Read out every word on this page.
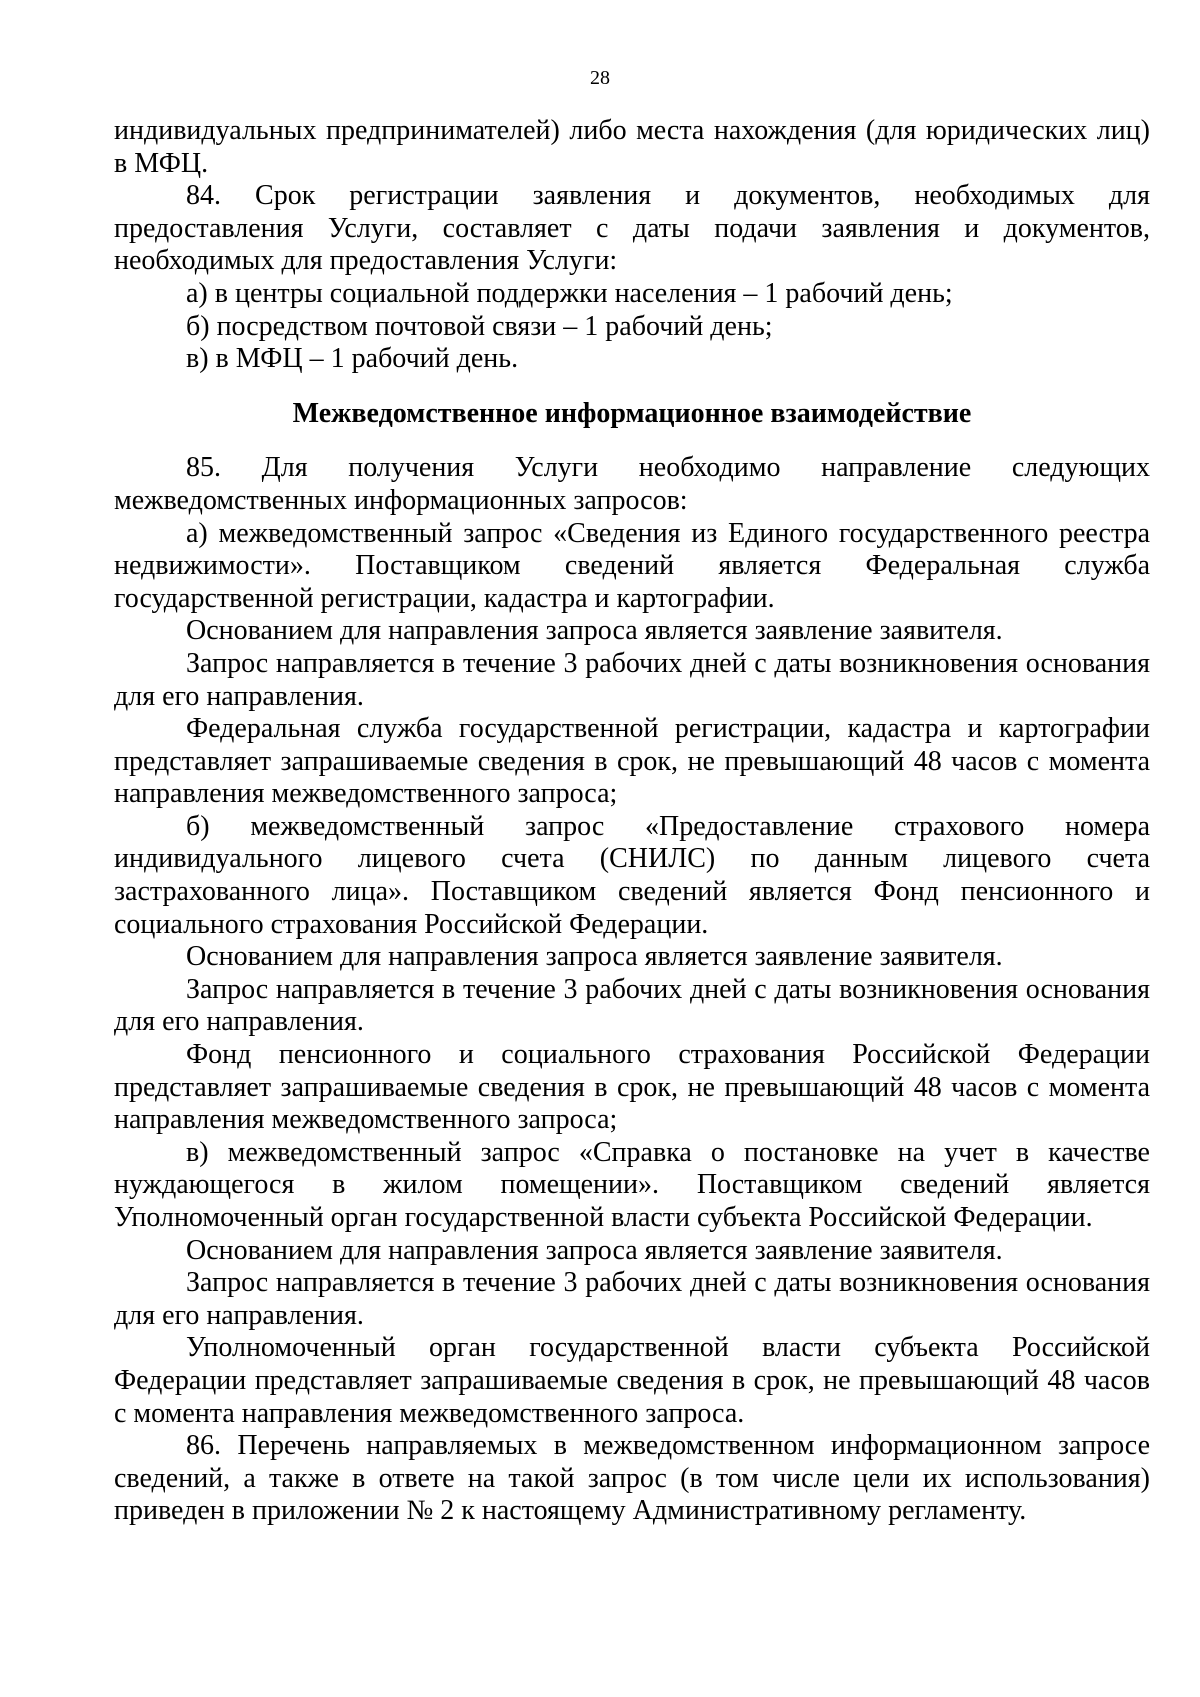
28

индивидуальных предпринимателей) либо места нахождения (для юридических лиц) в МФЦ.

84. Срок регистрации заявления и документов, необходимых для предоставления Услуги, составляет с даты подачи заявления и документов, необходимых для предоставления Услуги:

а) в центры социальной поддержки населения – 1 рабочий день;

б) посредством почтовой связи – 1 рабочий день;

в) в МФЦ – 1 рабочий день.

Межведомственное информационное взаимодействие

85. Для получения Услуги необходимо направление следующих межведомственных информационных запросов:

а) межведомственный запрос «Сведения из Единого государственного реестра недвижимости». Поставщиком сведений является Федеральная служба государственной регистрации, кадастра и картографии.

Основанием для направления запроса является заявление заявителя.

Запрос направляется в течение 3 рабочих дней с даты возникновения основания для его направления.

Федеральная служба государственной регистрации, кадастра и картографии представляет запрашиваемые сведения в срок, не превышающий 48 часов с момента направления межведомственного запроса;

б) межведомственный запрос «Предоставление страхового номера индивидуального лицевого счета (СНИЛС) по данным лицевого счета застрахованного лица». Поставщиком сведений является Фонд пенсионного и социального страхования Российской Федерации.

Основанием для направления запроса является заявление заявителя.

Запрос направляется в течение 3 рабочих дней с даты возникновения основания для его направления.

Фонд пенсионного и социального страхования Российской Федерации представляет запрашиваемые сведения в срок, не превышающий 48 часов с момента направления межведомственного запроса;

в) межведомственный запрос «Справка о постановке на учет в качестве нуждающегося в жилом помещении». Поставщиком сведений является Уполномоченный орган государственной власти субъекта Российской Федерации.

Основанием для направления запроса является заявление заявителя.

Запрос направляется в течение 3 рабочих дней с даты возникновения основания для его направления.

Уполномоченный орган государственной власти субъекта Российской Федерации представляет запрашиваемые сведения в срок, не превышающий 48 часов с момента направления межведомственного запроса.

86. Перечень направляемых в межведомственном информационном запросе сведений, а также в ответе на такой запрос (в том числе цели их использования) приведен в приложении № 2 к настоящему Административному регламенту.
